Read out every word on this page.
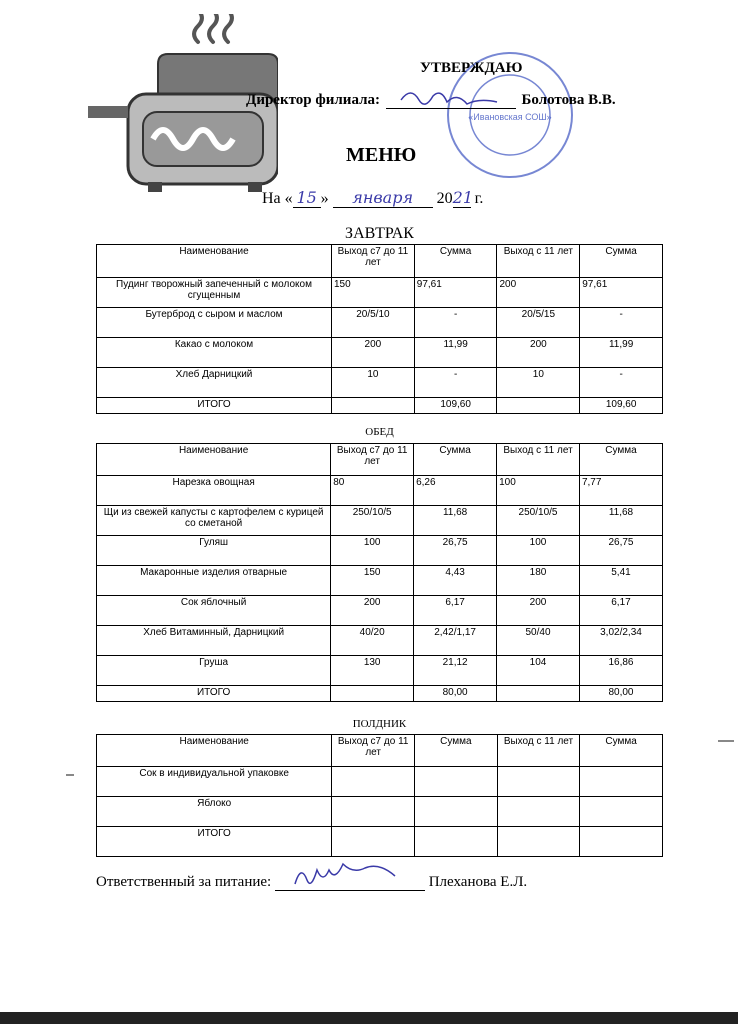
«Ивановская СОШ»
УТВЕРЖДАЮ
Директор филиала:	Болотова В.В.
МЕНЮ
На « 15 » января 2021 г.
ЗАВТРАК
Наименование	Выход с7 до 11 лет	Сумма	Выход с 11 лет	Сумма
Пудинг творожный запеченный с молоком сгущенным	150	97,61	200	97,61
Бутерброд с сыром и маслом	20/5/10	-	20/5/15	-
Какао с молоком	200	11,99	200	11,99
Хлеб Дарницкий	10	-	10	-
ИТОГО		109,60		109,60
ОБЕД
Наименование	Выход с7 до 11 лет	Сумма	Выход с 11 лет	Сумма
Нарезка овощная	80	6,26	100	7,77
Щи из свежей капусты с картофелем с курицей со сметаной	250/10/5	11,68	250/10/5	11,68
Гуляш	100	26,75	100	26,75
Макаронные изделия отварные	150	4,43	180	5,41
Сок яблочный	200	6,17	200	6,17
Хлеб Витаминный, Дарницкий	40/20	2,42/1,17	50/40	3,02/2,34
Груша	130	21,12	104	16,86
ИТОГО		80,00		80,00
ПОЛДНИК
Наименование	Выход с7 до 11 лет	Сумма	Выход с 11 лет	Сумма
Сок в индивидуальной упаковке				
Яблоко				
ИТОГО				
Ответственный за питание:	Плеханова Е.Л.
